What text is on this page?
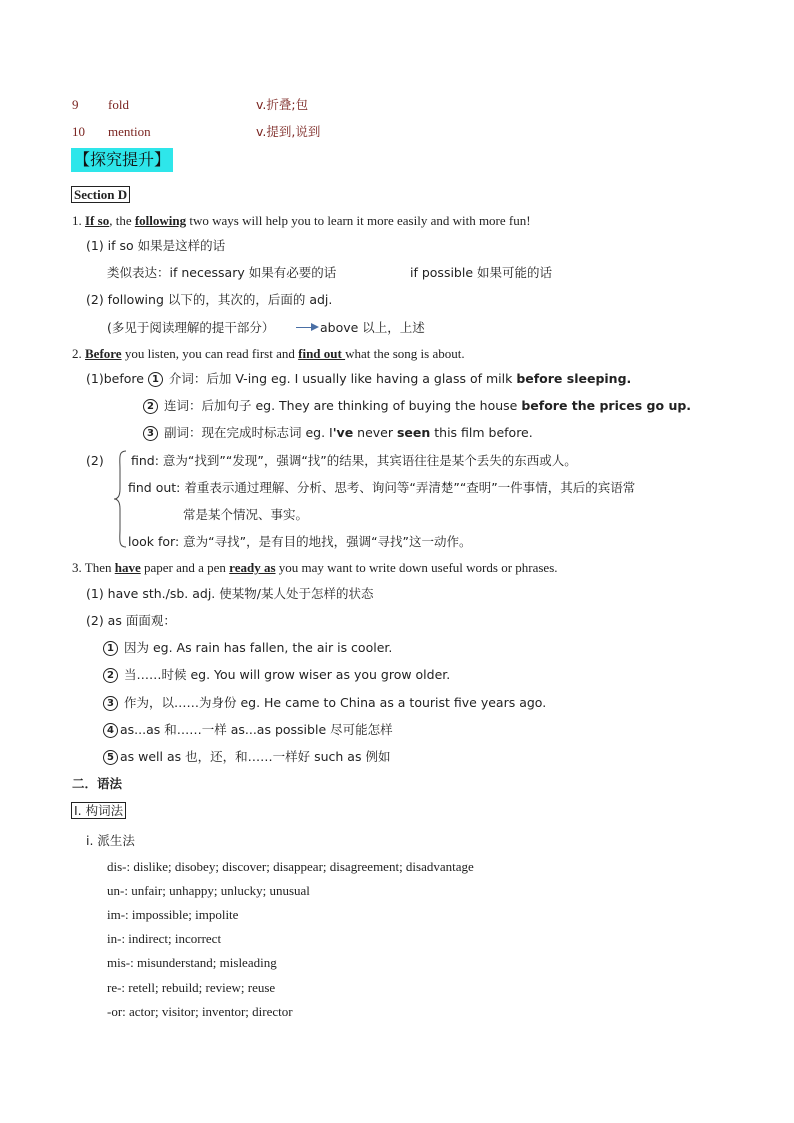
9 fold	v.折叠;包
10 mention	v.提到,说到
【探究提升】
Section D
1. If so, the following two ways will help you to learn it more easily and with more fun!
(1) if so 如果是这样的话
类似表达：if necessary 如果有必要的话	if possible 如果可能的话
(2) following 以下的，其次的，后面的 adj.
(多见于阅读理解的提干部分）	above 以上，上述
2. Before you listen, you can read first and find out what the song is about.
(1)before 1 介词：后加 V-ing eg. I usually like having a glass of milk before sleeping.
2 连词：后加句子 eg. They are thinking of buying the house before the prices go up.
3 副词：现在完成时标志词 eg. I've never seen this film before.
(2) find: 意为“找到”“发现”，强调“找”的结果，其宾语往往是某个丢失的东西或人。
find out: 着重表示通过理解、分析、思考、询问等“弄清楚”“查明”一件事情，其后的宾语常
常是某个情况、事实。
look for: 意为“寻找”，是有目的地找，强调“寻找”这一动作。
3. Then have paper and a pen ready as you may want to write down useful words or phrases.
(1) have sth./sb. adj. 使某物/某人处于怎样的状态
(2) as 面面观：
1 因为 eg. As rain has fallen, the air is cooler.
2 当……时候 eg. You will grow wiser as you grow older.
3 作为，以……为身份 eg. He came to China as a tourist five years ago.
4 as...as 和……一样 as...as possible 尽可能怎样
5 as well as 也，还，和……一样好 such as 例如
二．语法
I. 构词法
i. 派生法
dis-: dislike; disobey; discover; disappear; disagreement; disadvantage
un-: unfair; unhappy; unlucky; unusual
im-: impossible; impolite
in-: indirect; incorrect
mis-: misunderstand; misleading
re-: retell; rebuild; review; reuse
-or: actor; visitor; inventor; director
